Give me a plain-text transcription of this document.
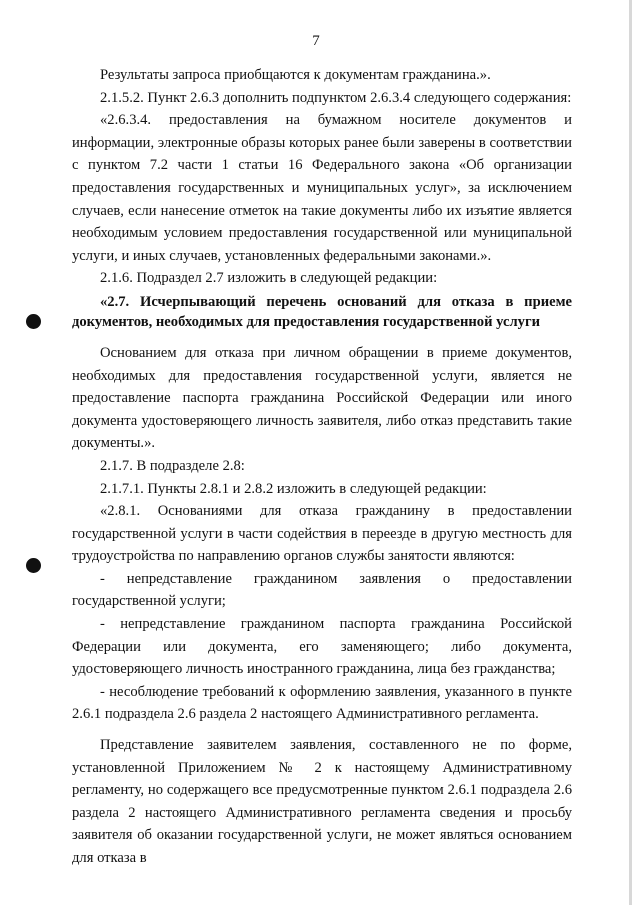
7

Результаты запроса приобщаются к документам гражданина.».

2.1.5.2. Пункт 2.6.3 дополнить подпунктом 2.6.3.4 следующего содержания:

«2.6.3.4. предоставления на бумажном носителе документов и информации, электронные образы которых ранее были заверены в соответствии с пунктом 7.2 части 1 статьи 16 Федерального закона «Об организации предоставления государственных и муниципальных услуг», за исключением случаев, если нанесение отметок на такие документы либо их изъятие является необходимым условием предоставления государственной или муниципальной услуги, и иных случаев, установленных федеральными законами.».

2.1.6. Подраздел 2.7 изложить в следующей редакции:

«2.7. Исчерпывающий перечень оснований для отказа в приеме документов, необходимых для предоставления государственной услуги

Основанием для отказа при личном обращении в приеме документов, необходимых для предоставления государственной услуги, является не предоставление паспорта гражданина Российской Федерации или иного документа удостоверяющего личность заявителя, либо отказ представить такие документы.».

2.1.7. В подразделе 2.8:

2.1.7.1. Пункты 2.8.1 и 2.8.2 изложить в следующей редакции:

«2.8.1. Основаниями для отказа гражданину в предоставлении государственной услуги в части содействия в переезде в другую местность для трудоустройства по направлению органов службы занятости являются:

- непредставление гражданином заявления о предоставлении государственной услуги;

- непредставление гражданином паспорта гражданина Российской Федерации или документа, его заменяющего; либо документа, удостоверяющего личность иностранного гражданина, лица без гражданства;

- несоблюдение требований к оформлению заявления, указанного в пункте 2.6.1 подраздела 2.6 раздела 2 настоящего Административного регламента.

Представление заявителем заявления, составленного не по форме, установленной Приложением № 2 к настоящему Административному регламенту, но содержащего все предусмотренные пунктом 2.6.1 подраздела 2.6 раздела 2 настоящего Административного регламента сведения и просьбу заявителя об оказании государственной услуги, не может являться основанием для отказа в
